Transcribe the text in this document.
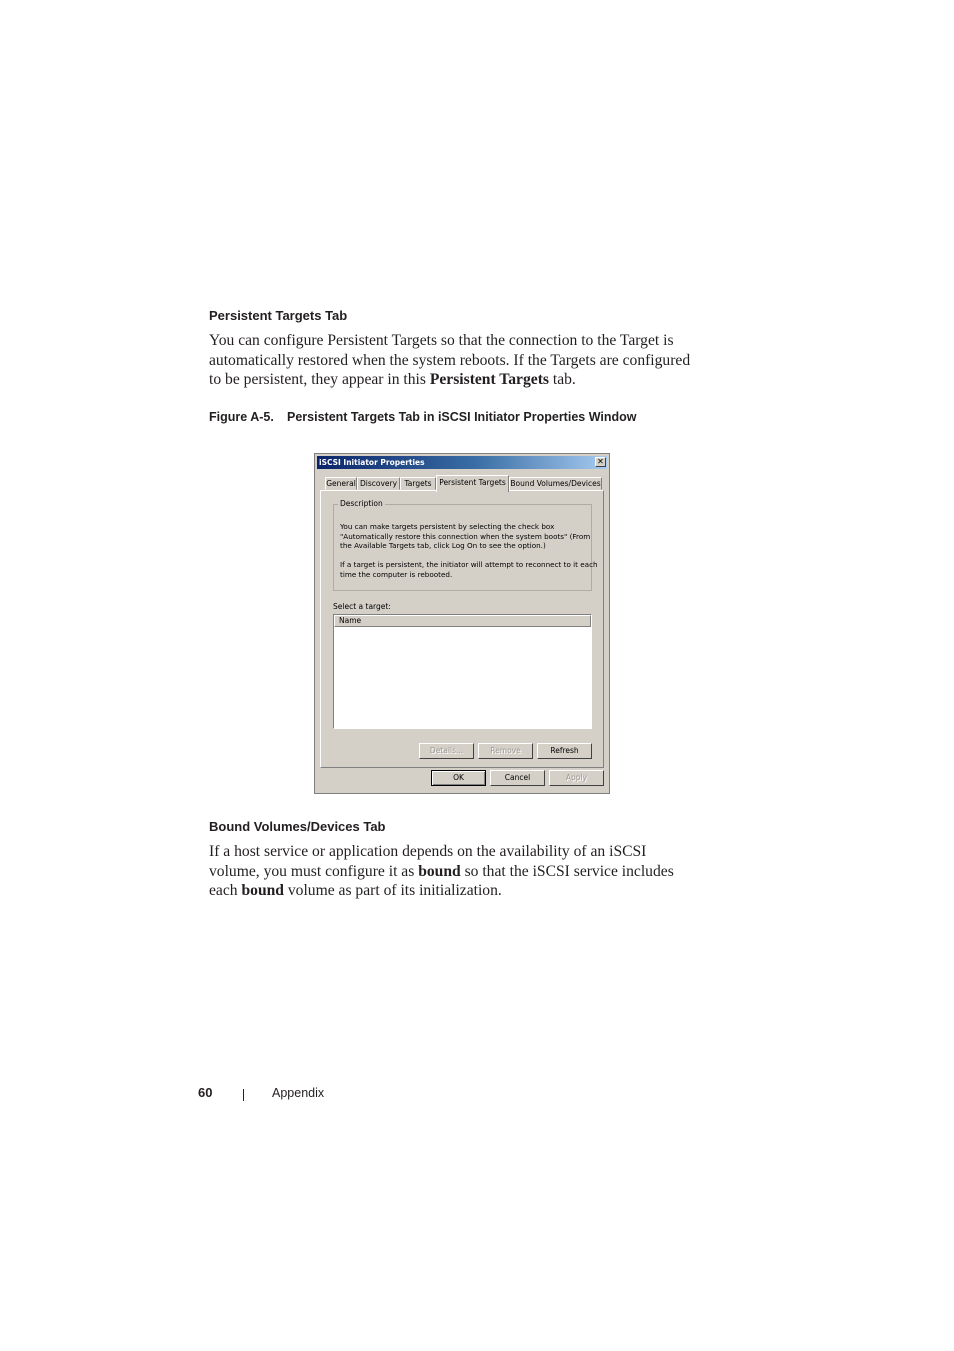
Persistent Targets Tab
You can configure Persistent Targets so that the connection to the Target is
automatically restored when the system reboots. If the Targets are configured
to be persistent, they appear in this Persistent Targets tab.
Figure A-5. Persistent Targets Tab in iSCSI Initiator Properties Window
iSCSI Initiator Properties	✕
General Discovery Targets	Persistent Targets Bound Volumes/Devices
Description

You can make targets persistent by selecting the check box
"Automatically restore this connection when the system boots" (From
the Available Targets tab, click Log On to see the option.)

If a target is persistent, the initiator will attempt to reconnect to it each
time the computer is rebooted.

Select a target:
Name
Details...	Remove	Refresh
OK	Cancel	Apply
Bound Volumes/Devices Tab
If a host service or application depends on the availability of an iSCSI
volume, you must configure it as bound so that the iSCSI service includes
each bound volume as part of its initialization.
60	Appendix
